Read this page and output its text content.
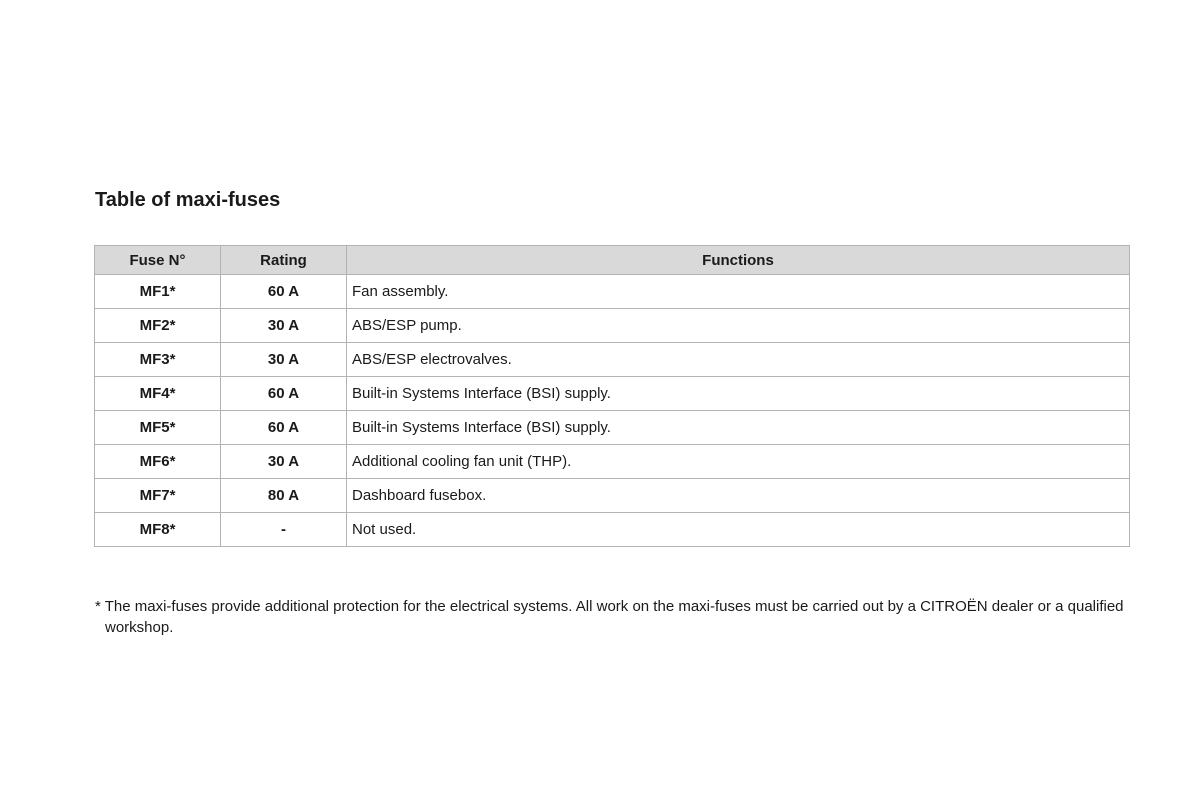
Table of maxi-fuses
Fuse N°	Rating	Functions
MF1*	60 A	Fan assembly.
MF2*	30 A	ABS/ESP pump.
MF3*	30 A	ABS/ESP electrovalves.
MF4*	60 A	Built-in Systems Interface (BSI) supply.
MF5*	60 A	Built-in Systems Interface (BSI) supply.
MF6*	30 A	Additional cooling fan unit (THP).
MF7*	80 A	Dashboard fusebox.
MF8*	-	Not used.

* The maxi-fuses provide additional protection for the electrical systems. All work on the maxi-fuses must be carried out by a CITROËN dealer or a qualified workshop.
